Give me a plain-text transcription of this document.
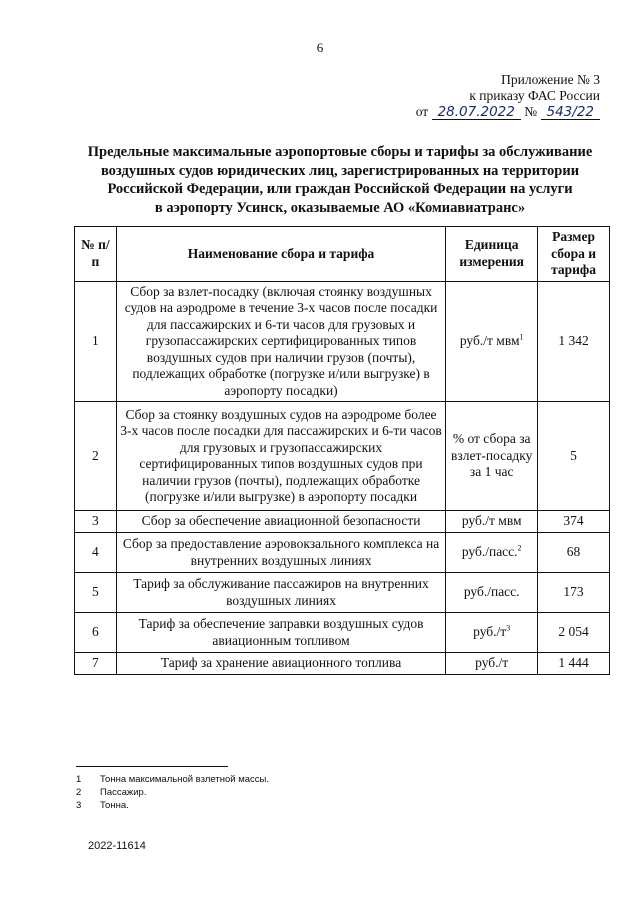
6
Приложение № 3
к приказу ФАС России
от 28.07.2022 № 543/22
Предельные максимальные аэропортовые сборы и тарифы за обслуживание
воздушных судов юридических лиц, зарегистрированных на территории
Российской Федерации, или граждан Российской Федерации на услуги
в аэропорту Усинск, оказываемые АО «Комиавиатранс»
№ п/п	Наименование сбора и тарифа	Единица измерения	Размер сбора и тарифа
1	Сбор за взлет-посадку (включая стоянку воздушных судов на аэродроме в течение 3-х часов после посадки для пассажирских и 6-ти часов для грузовых и грузопассажирских сертифицированных типов воздушных судов при наличии грузов (почты), подлежащих обработке (погрузке и/или выгрузке) в аэропорту посадки)	руб./т мвм$^1$	1 342
2	Сбор за стоянку воздушных судов на аэродроме более 3-х часов после посадки для пассажирских и 6-ти часов для грузовых и грузопассажирских сертифицированных типов воздушных судов при наличии грузов (почты), подлежащих обработке (погрузке и/или выгрузке) в аэропорту посадки	% от сбора за взлет-посадку за 1 час	5
3	Сбор за обеспечение авиационной безопасности	руб./т мвм	374
4	Сбор за предоставление аэровокзального комплекса на внутренних воздушных линиях	руб./пасс.$^2$	68
5	Тариф за обслуживание пассажиров на внутренних воздушных линиях	руб./пасс.	173
6	Тариф за обеспечение заправки воздушных судов авиационным топливом	$руб./т^3$	2 054
7	Тариф за хранение авиационного топлива	руб./т	1 444
1 Тонна максимальной взлетной массы.
2 Пассажир.
3 Тонна.
2022-11614
